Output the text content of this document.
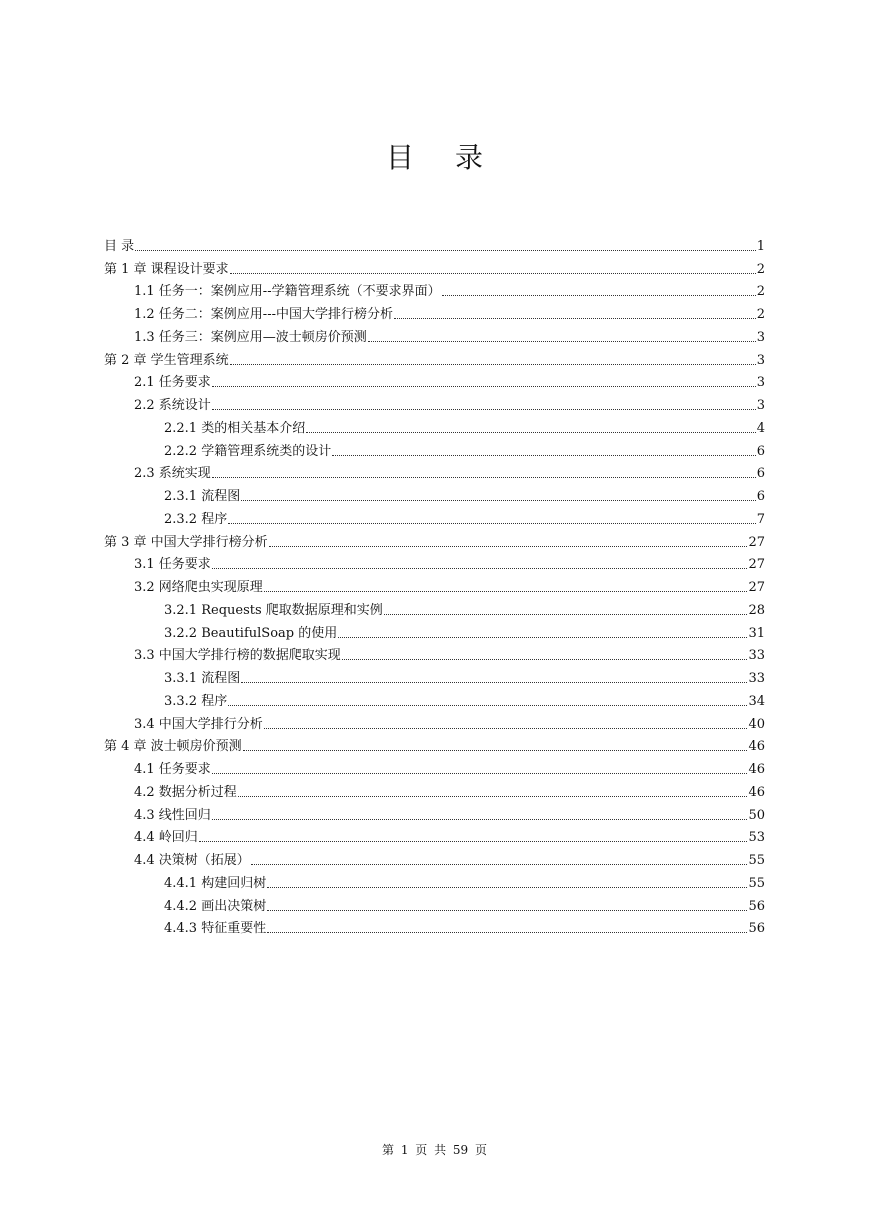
目 录
目 录	1
第 1 章 课程设计要求	2
1.1 任务一：案例应用--学籍管理系统（不要求界面）	2
1.2 任务二：案例应用---中国大学排行榜分析	2
1.3 任务三：案例应用—波士顿房价预测	3
第 2 章 学生管理系统	3
2.1 任务要求	3
2.2 系统设计	3
2.2.1 类的相关基本介绍	4
2.2.2 学籍管理系统类的设计	6
2.3 系统实现	6
2.3.1 流程图	6
2.3.2 程序	7
第 3 章 中国大学排行榜分析	27
3.1 任务要求	27
3.2 网络爬虫实现原理	27
3.2.1 Requests 爬取数据原理和实例	28
3.2.2 BeautifulSoap 的使用	31
3.3 中国大学排行榜的数据爬取实现	33
3.3.1 流程图	33
3.3.2 程序	34
3.4 中国大学排行分析	40
第 4 章 波士顿房价预测	46
4.1 任务要求	46
4.2 数据分析过程	46
4.3 线性回归	50
4.4 岭回归	53
4.4 决策树（拓展）	55
4.4.1 构建回归树	55
4.4.2 画出决策树	56
4.4.3 特征重要性	56
第 1 页 共 59 页
